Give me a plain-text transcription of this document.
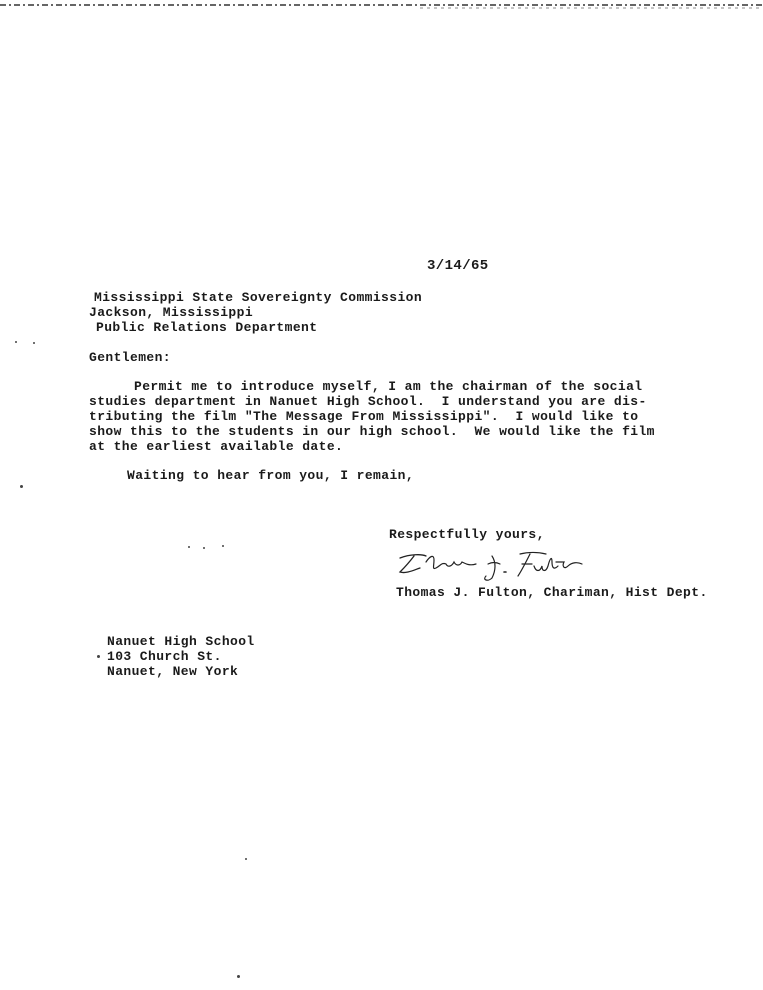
3/14/65
Mississippi State Sovereignty Commission
Jackson, Mississippi
Public Relations Department
Gentlemen:
Permit me to introduce myself, I am the chairman of the social
studies department in Nanuet High School.  I understand you are dis-
tributing the film "The Message From Mississippi".  I would like to
show this to the students in our high school.  We would like the film
at the earliest available date.
Waiting to hear from you, I remain,
Respectfully yours,
Thomas J. Fulton, Chariman, Hist Dept.
Nanuet High School
103 Church St.
Nanuet, New York
